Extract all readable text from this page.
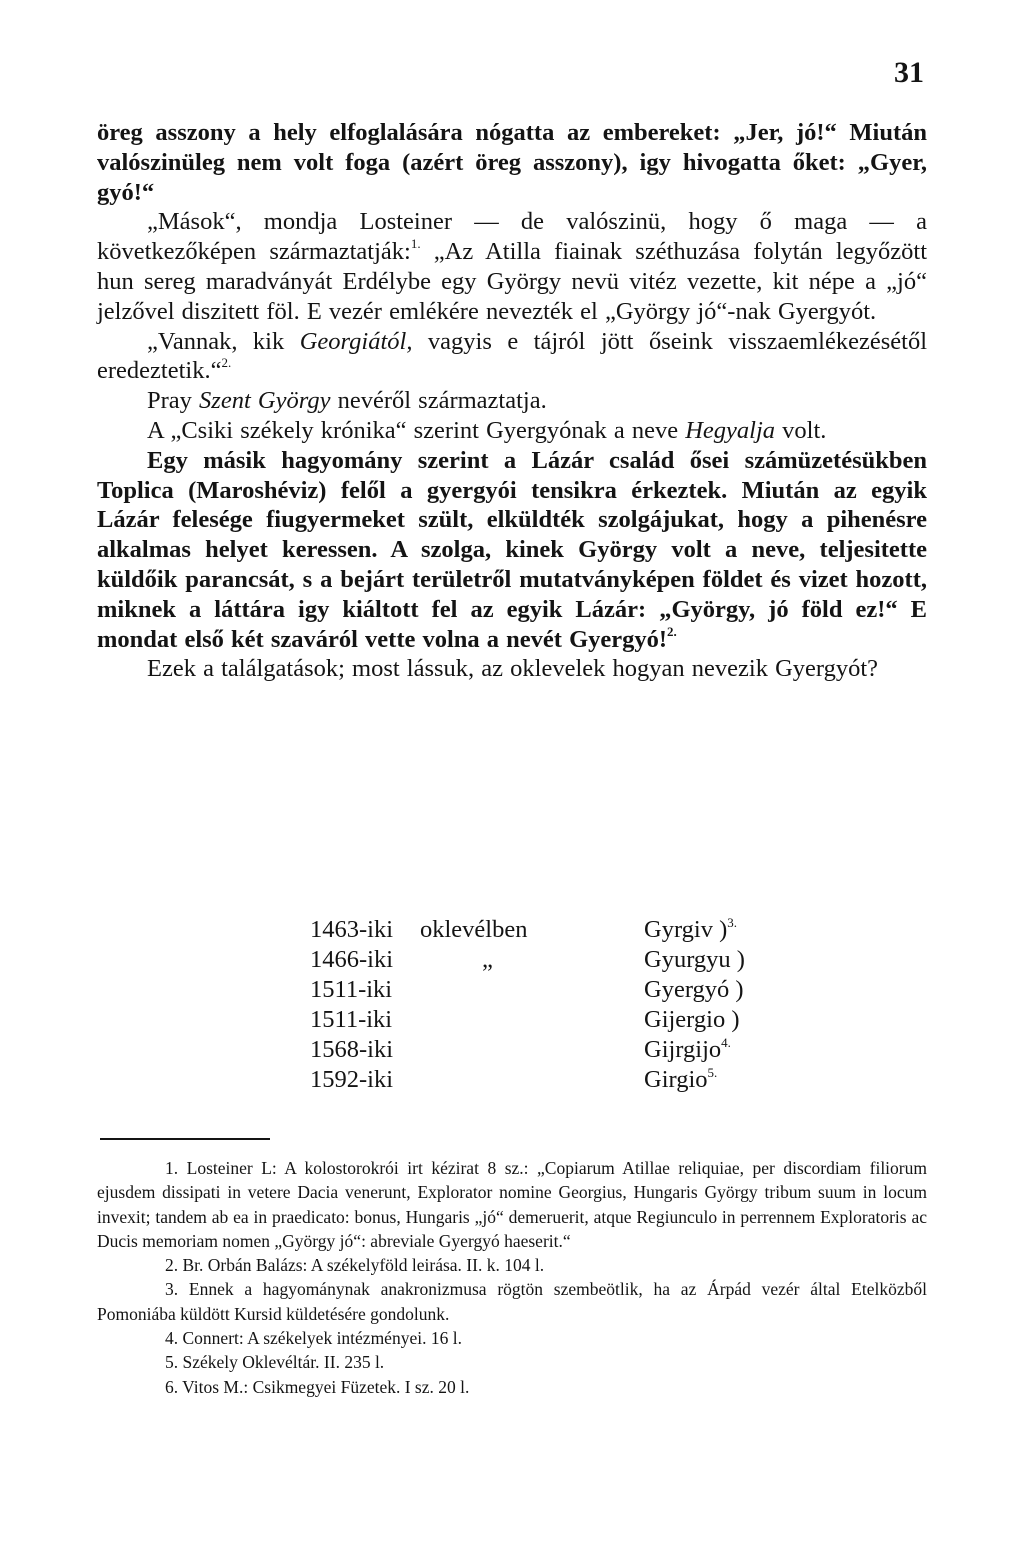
31

öreg asszony a hely elfoglalására nógatta az embereket: „Jer, jó!“ Miután valószinüleg nem volt foga (azért öreg asszony), igy hivogatta őket: „Gyer, gyó!“

„Mások“, mondja Losteiner — de valószinü, hogy ő maga — a következőképen származtatják:$^{1.}$ „Az Atilla fiainak széthuzása folytán legyőzött hun sereg maradványát Erdélybe egy György nevü vitéz vezette, kit népe a „jó“ jelzővel diszitett föl. E vezér emlékére nevezték el „György jó“-nak Gyergyót.

„Vannak, kik Georgiától, vagyis e tájról jött őseink visszaemlékezésétől eredeztetik.“$^{2.}$

Pray Szent György nevéről származtatja.

A „Csiki székely krónika“ szerint Gyergyónak a neve Hegyalja volt.

Egy másik hagyomány szerint a Lázár család ősei számüzetésükben Toplica (Maroshéviz) felől a gyergyói tensikra érkeztek. Miután az egyik Lázár felesége fiugyermeket szült, elküldték szolgájukat, hogy a pihenésre alkalmas helyet keressen. A szolga, kinek György volt a neve, teljesitette küldőik parancsát, s a bejárt területről mutatványképen földet és vizet hozott, miknek a láttára igy kiáltott fel az egyik Lázár: „György, jó föld ez!“ E mondat első két szaváról vette volna a nevét Gyergyó!$^{2.}$

Ezek a találgatások; most lássuk, az oklevelek hogyan nevezik Gyergyót?

1463-iki	oklevélben	Gyrgiv )$^{3.}$
1466-iki	„	Gyurgyu )
1511-iki		Gyergyó )
1511-iki		Gijergio )
1568-iki		Gijrgijo$^{4.}$
1592-iki		Girgio$^{5.}$

1. Losteiner L: A kolostorokrói irt kézirat 8 sz.: „Copiarum Atillae reliquiae, per discordiam filiorum ejusdem dissipati in vetere Dacia venerunt, Explorator nomine Georgius, Hungaris György tribum suum in locum invexit; tandem ab ea in praedicato: bonus, Hungaris „jó“ demeruerit, atque Regiunculo in perrennem Exploratoris ac Ducis memoriam nomen „György jó“: abreviale Gyergyó haeserit.“

2. Br. Orbán Balázs: A székelyföld leirása. II. k. 104 l.

3. Ennek a hagyománynak anakronizmusa rögtön szembeötlik, ha az Árpád vezér által Etelközből Pomoniába küldött Kursid küldetésére gondolunk.

4. Connert: A székelyek intézményei. 16 l.

5. Székely Oklevéltár. II. 235 l.

6. Vitos M.: Csikmegyei Füzetek. I sz. 20 l.
